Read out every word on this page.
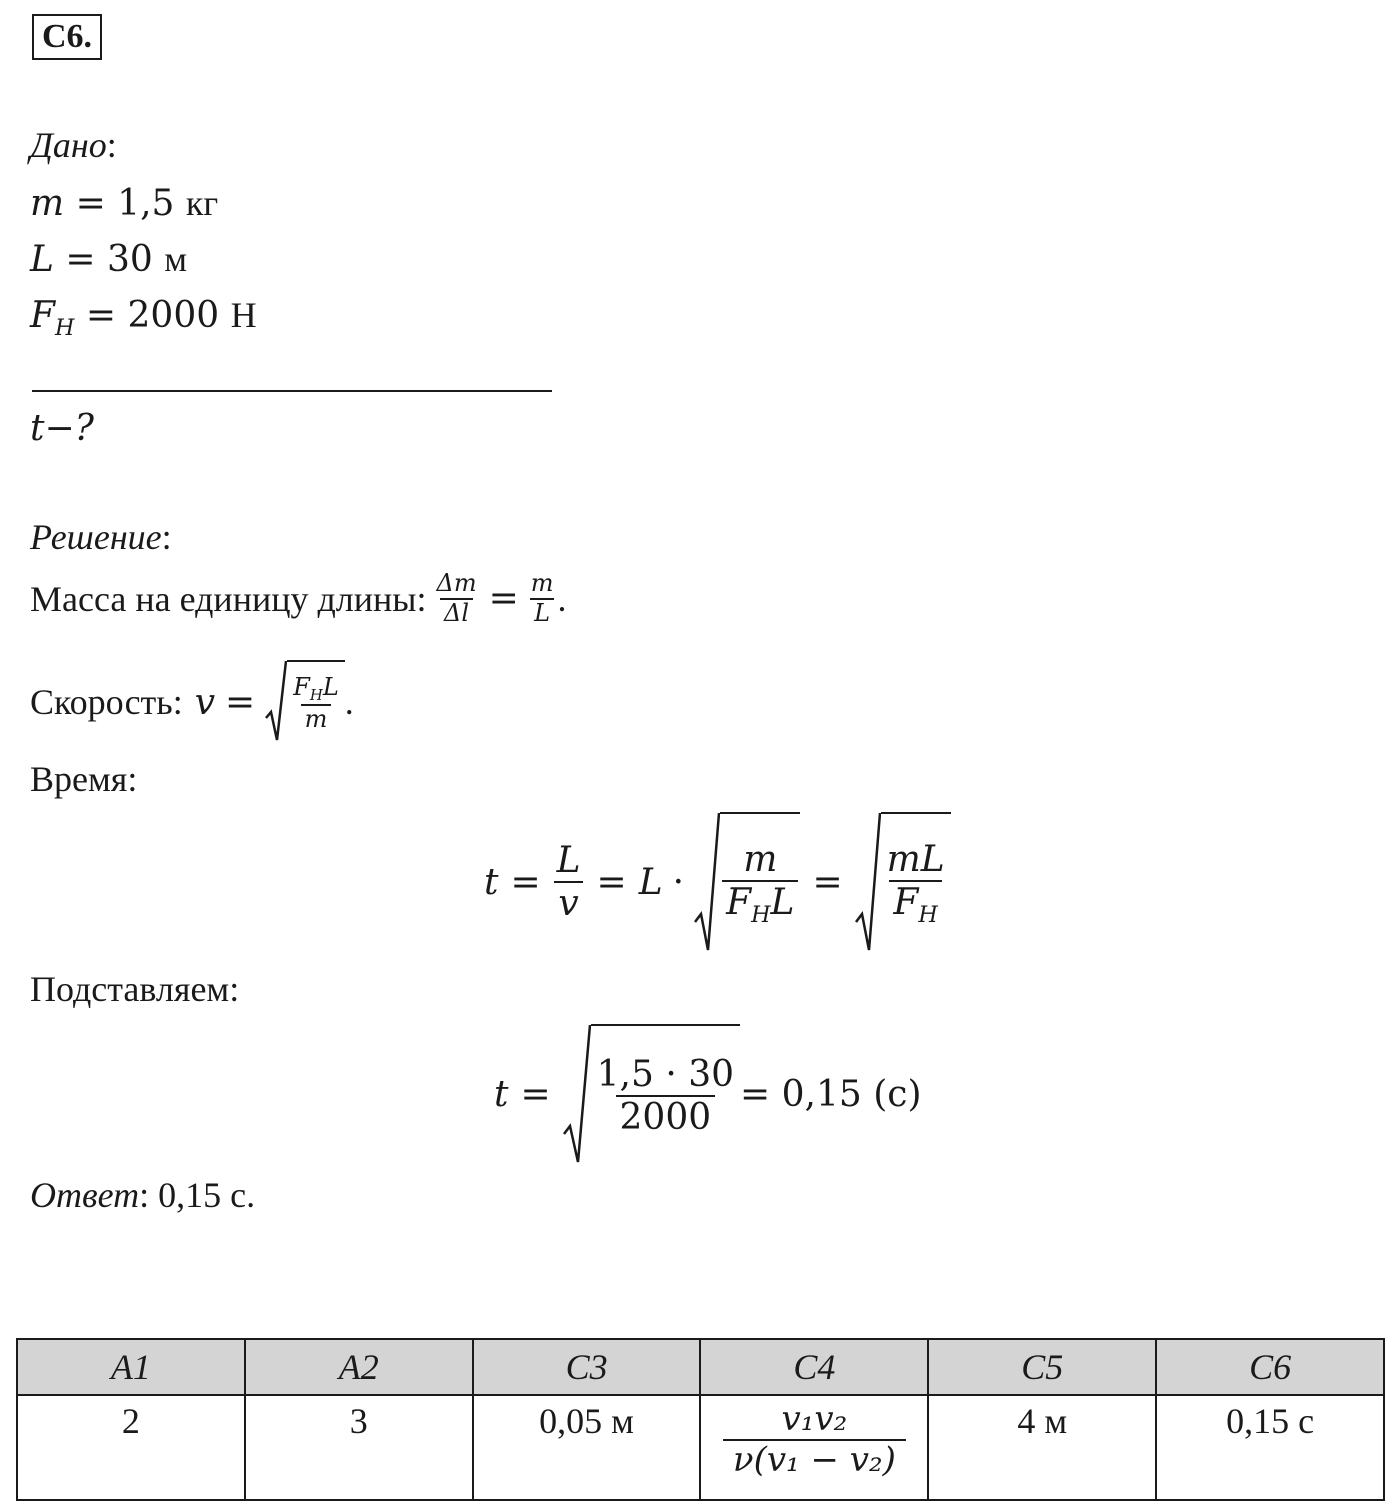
С6.
Дано:
m = 1,5 кг
L = 30 м
$F_H = 2000$ Н
t−?
Решение:
Масса на единицу длины: $\frac{\Delta m}{\Delta l} = \frac{m}{L}$ .
Скорость: $v = \frac{F_HL}{m}$ .
Время:
$t = \frac{L}{v} = L \cdot \frac{m}{F_HL} = \frac{mL}{F_H}$
Подставляем:
$t = \frac{1,5 \cdot 30}{2000} = 0,15$ (с)
Ответ: 0,15 с.
A1	A2	C3	C4	C5	C6
2	3	0,05 м	$\frac{\text{v₁v₂}}{\text{ν(v₁ − v₂)}}$	4 м	0,15 с
